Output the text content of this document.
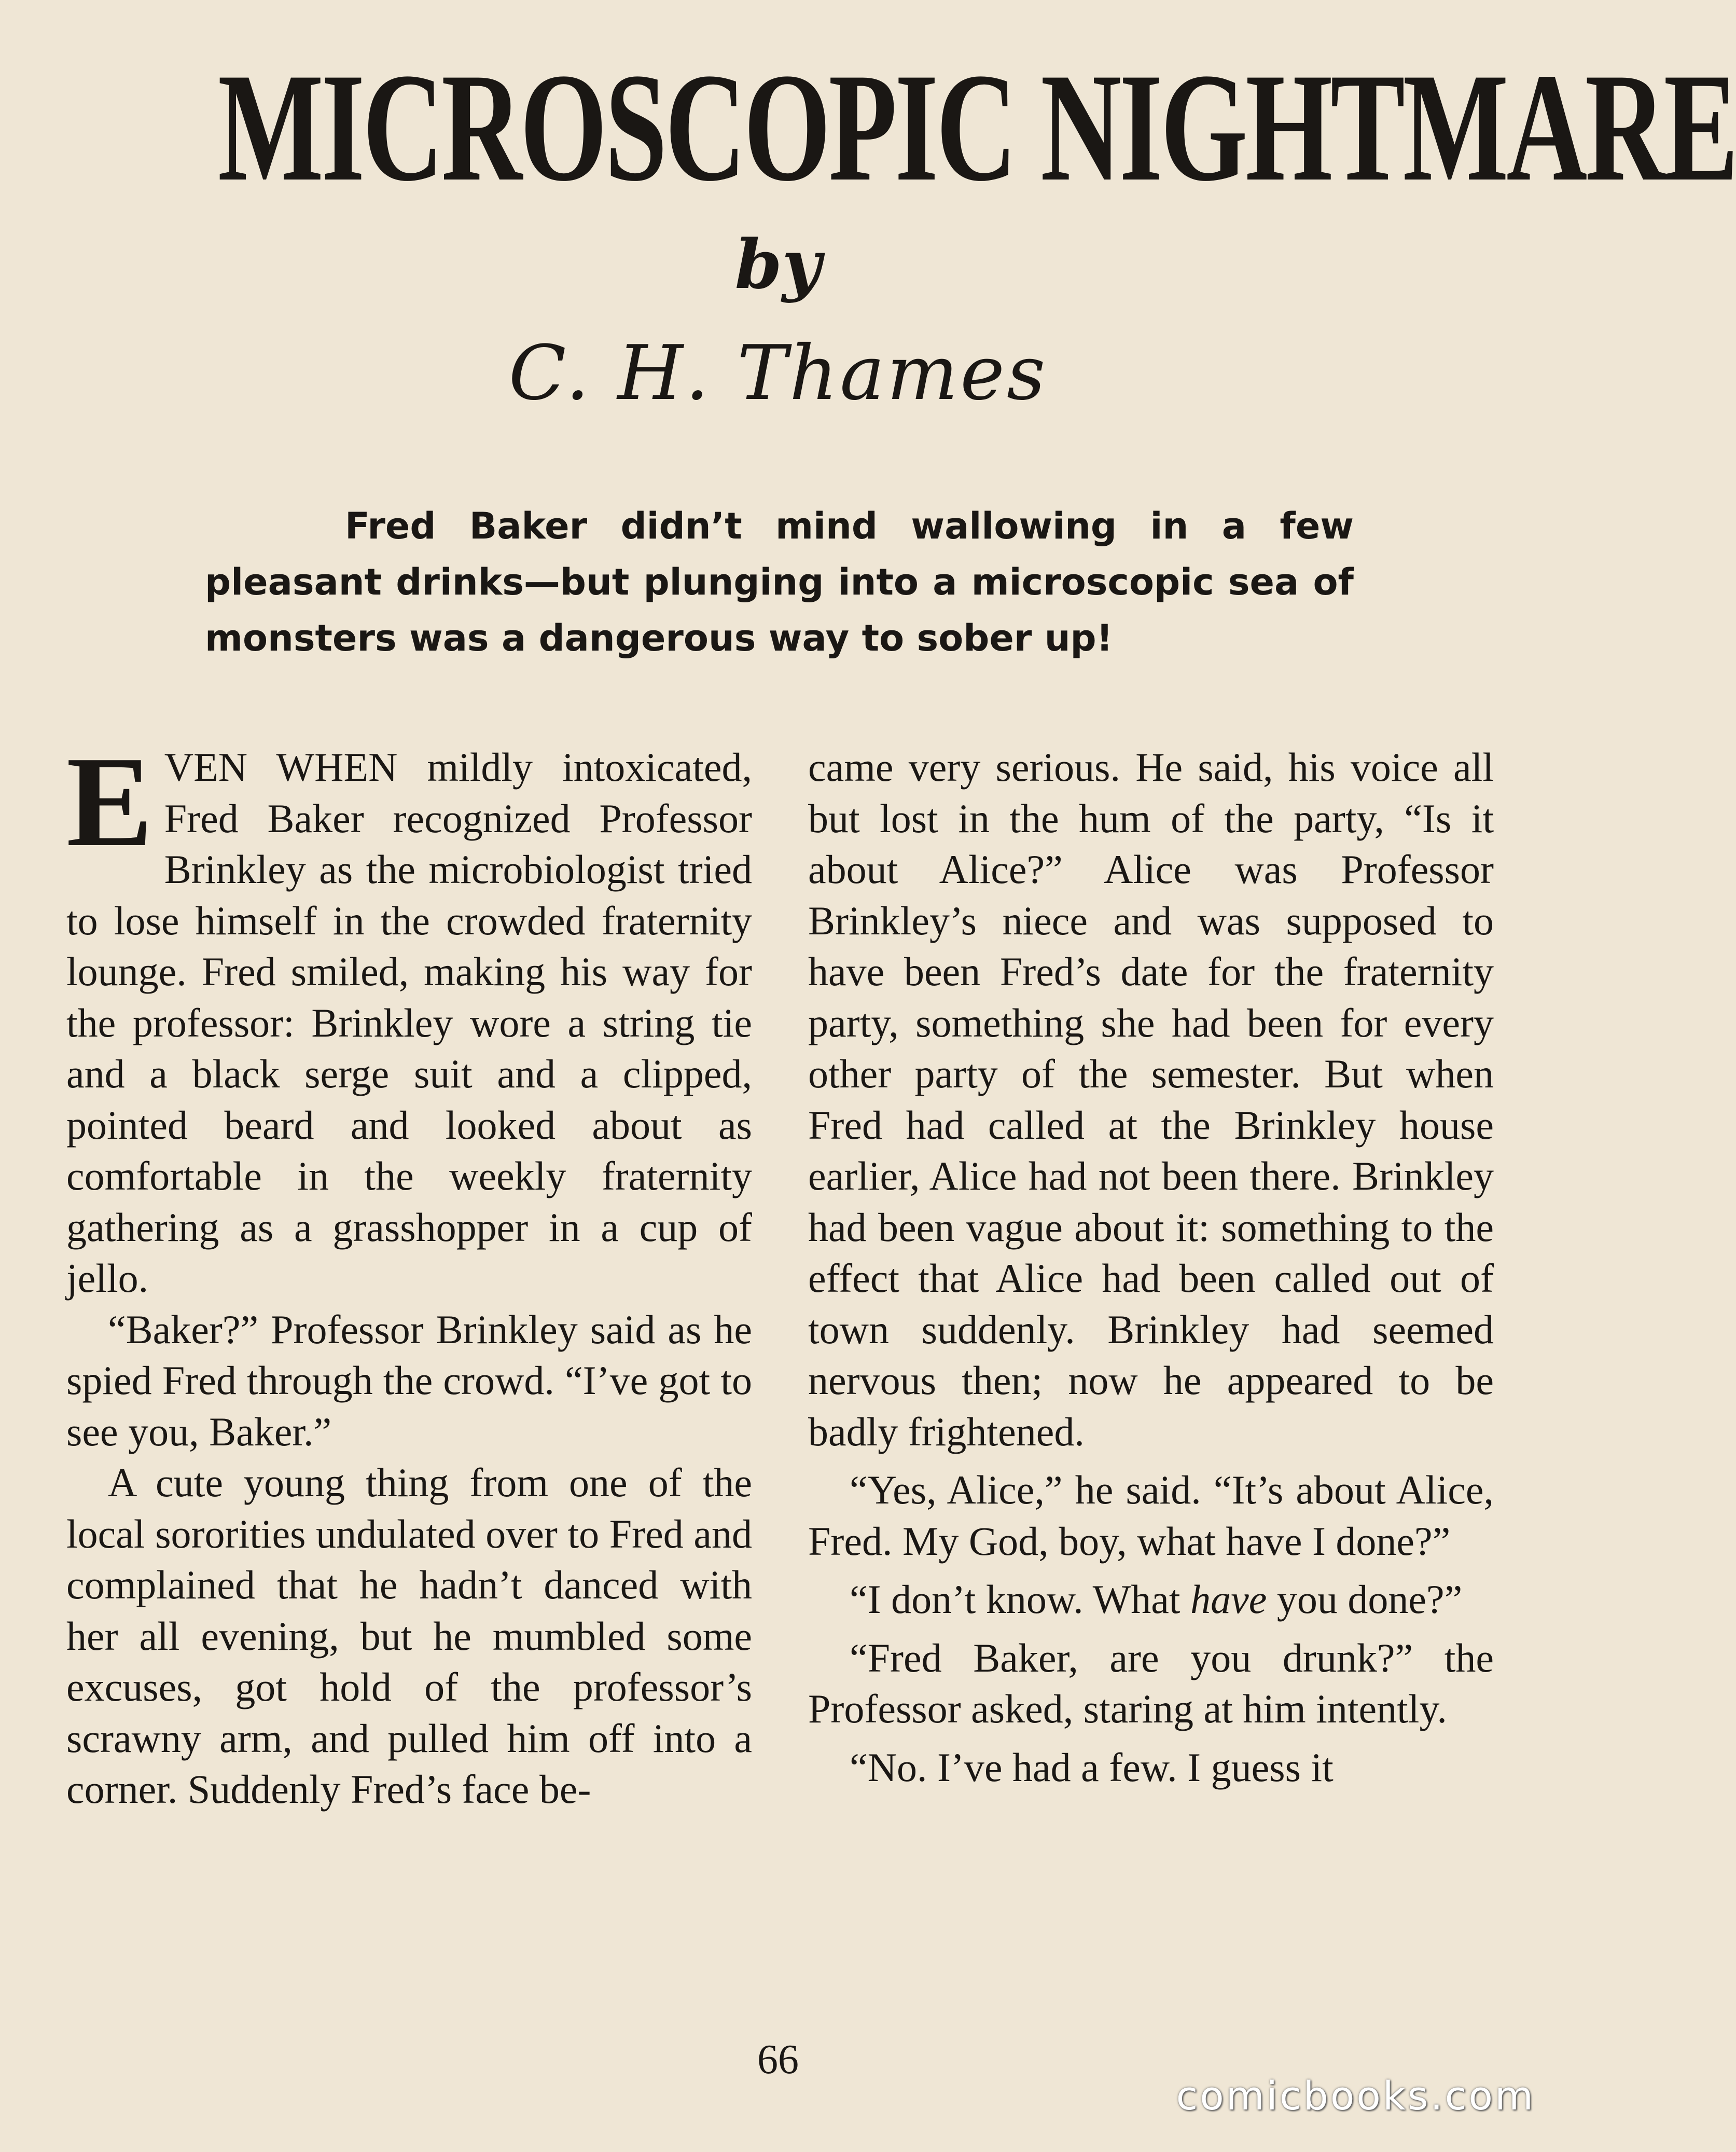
MICROSCOPIC NIGHTMARE
by
C. H. Thames
Fred Baker didn’t mind wallowing in a few pleasant drinks—but plunging into a microscopic sea of monsters was a dangerous way to sober up!

EVEN WHEN mildly intoxicated, Fred Baker recognized Professor Brinkley as the microbiologist tried to lose himself in the crowded fraternity lounge. Fred smiled, making his way for the professor: Brinkley wore a string tie and a black serge suit and a clipped, pointed beard and looked about as comfortable in the weekly fraternity gathering as a grasshopper in a cup of jello.

“Baker?” Professor Brinkley said as he spied Fred through the crowd. “I’ve got to see you, Baker.”

A cute young thing from one of the local sororities undulated over to Fred and complained that he hadn’t danced with her all evening, but he mumbled some excuses, got hold of the professor’s scrawny arm, and pulled him off into a corner. Suddenly Fred’s face be-

came very serious. He said, his voice all but lost in the hum of the party, “Is it about Alice?” Alice was Professor Brinkley’s niece and was supposed to have been Fred’s date for the fraternity party, something she had been for every other party of the semester. But when Fred had called at the Brinkley house earlier, Alice had not been there. Brinkley had been vague about it: something to the effect that Alice had been called out of town suddenly. Brinkley had seemed nervous then; now he appeared to be badly frightened.

“Yes, Alice,” he said. “It’s about Alice, Fred. My God, boy, what have I done?”

“I don’t know. What have you done?”

“Fred Baker, are you drunk?” the Professor asked, staring at him intently.

“No. I’ve had a few. I guess it

66
comicbooks.com
